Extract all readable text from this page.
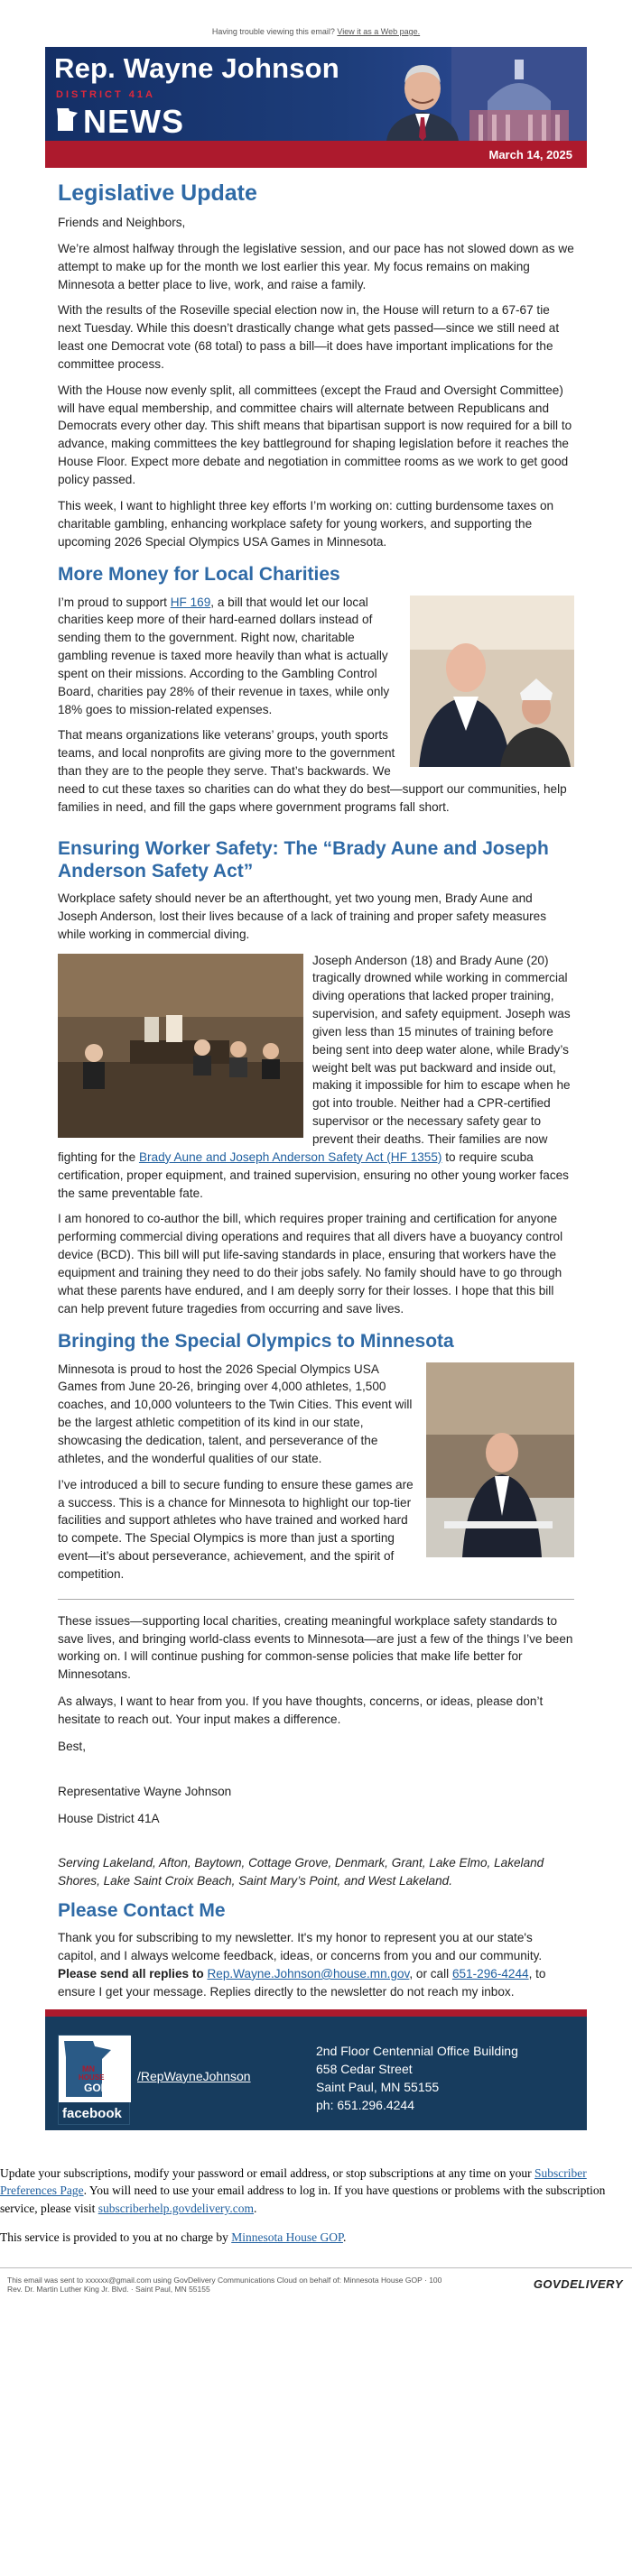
Having trouble viewing this email? View it as a Web page.
Rep. Wayne Johnson
DISTRICT 41A
NEWS
March 14, 2025
Legislative Update

Friends and Neighbors,

We’re almost halfway through the legislative session, and our pace has not slowed down as we attempt to make up for the month we lost earlier this year. My focus remains on making Minnesota a better place to live, work, and raise a family.

With the results of the Roseville special election now in, the House will return to a 67-67 tie next Tuesday. While this doesn’t drastically change what gets passed—since we still need at least one Democrat vote (68 total) to pass a bill—it does have important implications for the committee process.

With the House now evenly split, all committees (except the Fraud and Oversight Committee) will have equal membership, and committee chairs will alternate between Republicans and Democrats every other day. This shift means that bipartisan support is now required for a bill to advance, making committees the key battleground for shaping legislation before it reaches the House Floor. Expect more debate and negotiation in committee rooms as we work to get good policy passed.

This week, I want to highlight three key efforts I’m working on: cutting burdensome taxes on charitable gambling, enhancing workplace safety for young workers, and supporting the upcoming 2026 Special Olympics USA Games in Minnesota.

More Money for Local Charities

I’m proud to support HF 169, a bill that would let our local charities keep more of their hard-earned dollars instead of sending them to the government. Right now, charitable gambling revenue is taxed more heavily than what is actually spent on their missions. According to the Gambling Control Board, charities pay 28% of their revenue in taxes, while only 18% goes to mission-related expenses.

That means organizations like veterans’ groups, youth sports teams, and local nonprofits are giving more to the government than they are to the people they serve. That’s backwards. We need to cut these taxes so charities can do what they do best—support our communities, help families in need, and fill the gaps where government programs fall short.

Ensuring Worker Safety: The “Brady Aune and Joseph Anderson Safety Act”

Workplace safety should never be an afterthought, yet two young men, Brady Aune and Joseph Anderson, lost their lives because of a lack of training and proper safety measures while working in commercial diving.

Joseph Anderson (18) and Brady Aune (20) tragically drowned while working in commercial diving operations that lacked proper training, supervision, and safety equipment. Joseph was given less than 15 minutes of training before being sent into deep water alone, while Brady’s weight belt was put backward and inside out, making it impossible for him to escape when he got into trouble. Neither had a CPR-certified supervisor or the necessary safety gear to prevent their deaths. Their families are now fighting for the Brady Aune and Joseph Anderson Safety Act (HF 1355) to require scuba certification, proper equipment, and trained supervision, ensuring no other young worker faces the same preventable fate.

I am honored to co-author the bill, which requires proper training and certification for anyone performing commercial diving operations and requires that all divers have a buoyancy control device (BCD). This bill will put life-saving standards in place, ensuring that workers have the equipment and training they need to do their jobs safely. No family should have to go through what these parents have endured, and I am deeply sorry for their losses. I hope that this bill can help prevent future tragedies from occurring and save lives.

Bringing the Special Olympics to Minnesota

Minnesota is proud to host the 2026 Special Olympics USA Games from June 20-26, bringing over 4,000 athletes, 1,500 coaches, and 10,000 volunteers to the Twin Cities. This event will be the largest athletic competition of its kind in our state, showcasing the dedication, talent, and perseverance of the athletes, and the wonderful qualities of our state.

I’ve introduced a bill to secure funding to ensure these games are a success. This is a chance for Minnesota to highlight our top-tier facilities and support athletes who have trained and worked hard to compete. The Special Olympics is more than just a sporting event—it’s about perseverance, achievement, and the spirit of competition.

These issues—supporting local charities, creating meaningful workplace safety standards to save lives, and bringing world-class events to Minnesota—are just a few of the things I’ve been working on. I will continue pushing for common-sense policies that make life better for Minnesotans.

As always, I want to hear from you. If you have thoughts, concerns, or ideas, please don’t hesitate to reach out. Your input makes a difference.

Best,

Representative Wayne Johnson

House District 41A

Serving Lakeland, Afton, Baytown, Cottage Grove, Denmark, Grant, Lake Elmo, Lakeland Shores, Lake Saint Croix Beach, Saint Mary’s Point, and West Lakeland.

Please Contact Me

Thank you for subscribing to my newsletter. It's my honor to represent you at our state's capitol, and I always welcome feedback, ideas, or concerns from you and our community. Please send all replies to Rep.Wayne.Johnson@house.mn.gov, or call 651-296-4244, to ensure I get your message. Replies directly to the newsletter do not reach my inbox.

MN
HOUSE
GOP
facebook
/RepWayneJohnson
2nd Floor Centennial Office Building
658 Cedar Street
Saint Paul, MN 55155
ph: 651.296.4244

Update your subscriptions, modify your password or email address, or stop subscriptions at any time on your Subscriber Preferences Page. You will need to use your email address to log in. If you have questions or problems with the subscription service, please visit subscriberhelp.govdelivery.com.

This service is provided to you at no charge by Minnesota House GOP.

This email was sent to xxxxxx@gmail.com using GovDelivery Communications Cloud on behalf of: Minnesota House GOP · 100
Rev. Dr. Martin Luther King Jr. Blvd. · Saint Paul, MN 55155	GOVDELIVERY
